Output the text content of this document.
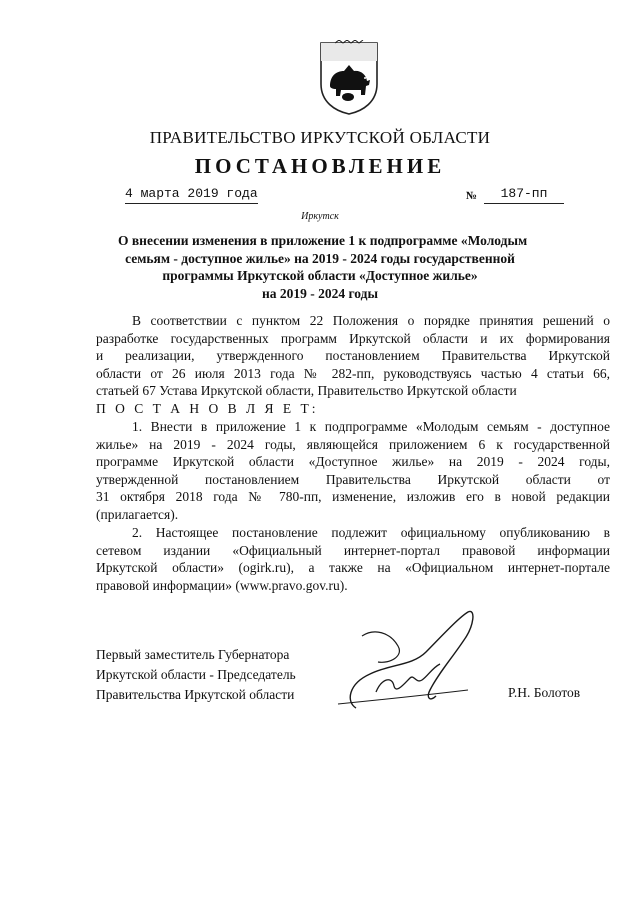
ПРАВИТЕЛЬСТВО ИРКУТСКОЙ ОБЛАСТИ
ПОСТАНОВЛЕНИЕ
4 марта 2019 года	№	187-пп
Иркутск
О внесении изменения в приложение 1 к подпрограмме «Молодым
семьям - доступное жилье» на 2019 - 2024 годы государственной
программы Иркутской области «Доступное жилье»
на 2019 - 2024 годы
В соответствии с пунктом 22 Положения о порядке принятия решений о
разработке государственных программ Иркутской области и их формирования
и реализации, утвержденного постановлением Правительства Иркутской
области от 26 июля 2013 года № 282-пп, руководствуясь частью 4 статьи 66,
статьей 67 Устава Иркутской области, Правительство Иркутской области
П О С Т А Н О В Л Я Е Т:
1. Внести в приложение 1 к подпрограмме «Молодым семьям - доступное
жилье» на 2019 - 2024 годы, являющейся приложением 6 к государственной
программе Иркутской области «Доступное жилье» на 2019 - 2024 годы,
утвержденной постановлением Правительства Иркутской области от
31 октября 2018 года № 780-пп, изменение, изложив его в новой редакции
(прилагается).
2. Настоящее постановление подлежит официальному опубликованию в
сетевом издании «Официальный интернет-портал правовой информации
Иркутской области» (ogirk.ru), а также на «Официальном интернет-портале
правовой информации» (www.pravo.gov.ru).
Первый заместитель Губернатора
Иркутской области - Председатель
Правительства Иркутской области	Р.Н. Болотов
